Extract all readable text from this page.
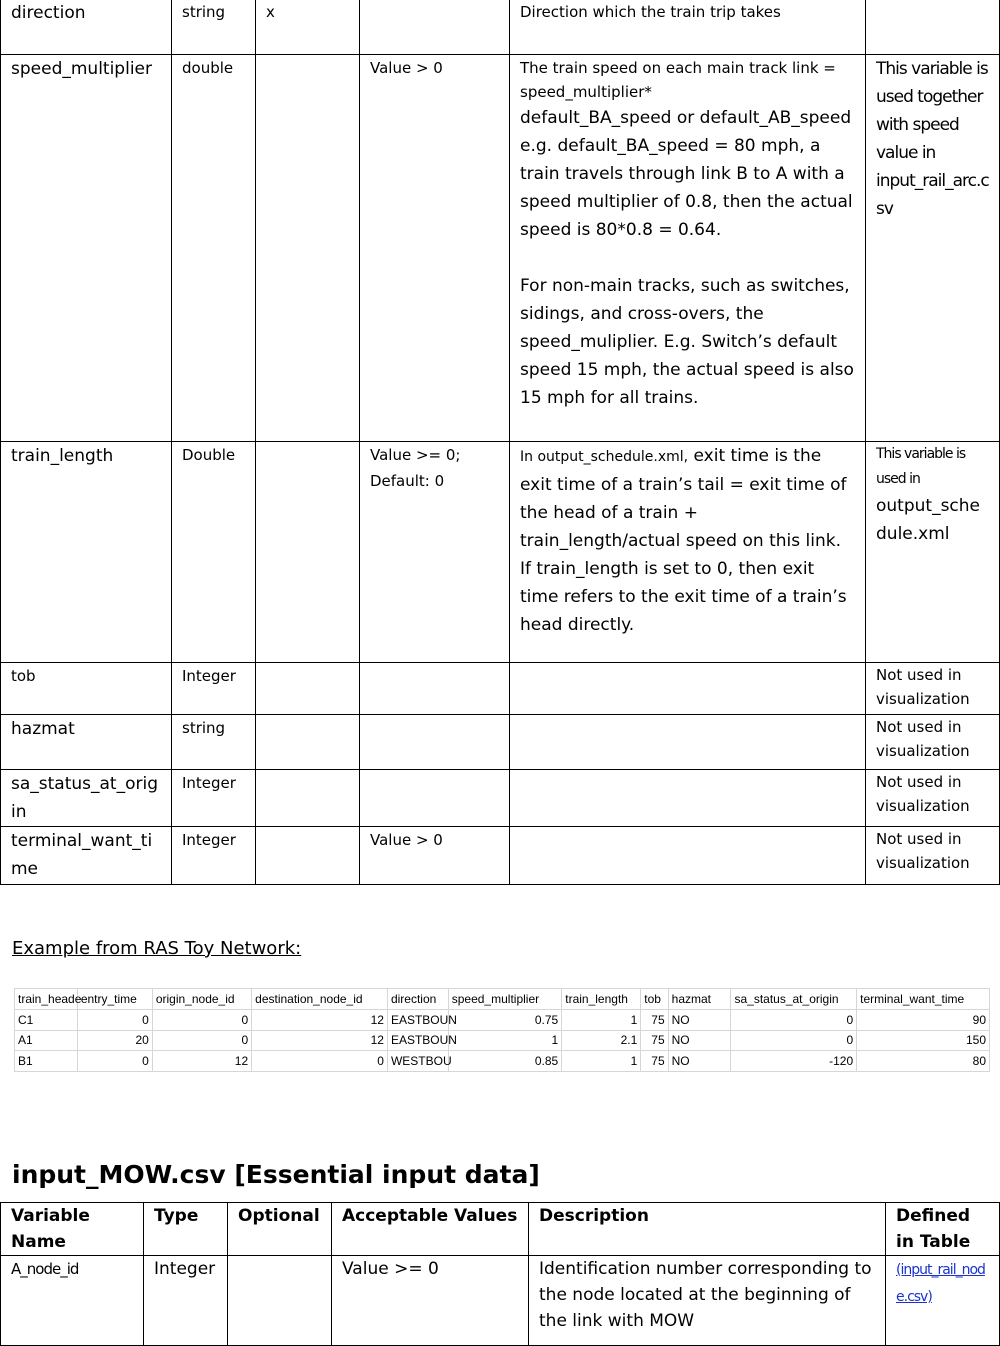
direction	string	x		Direction which the train trip takes	
speed_multiplier	double		Value > 0	The train speed on each main track link = speed_multiplier*
default_BA_speed or default_AB_speed
e.g. default_BA_speed = 80 mph, a train travels through link B to A with a speed multiplier of 0.8, then the actual speed is 80*0.8 = 0.64.

For non-main tracks, such as switches, sidings, and cross-overs, the speed_muliplier. E.g. Switch’s default speed 15 mph, the actual speed is also 15 mph for all trains.	This variable is used together with speed value in input_rail_arc.csv
train_length	Double		Value >= 0;
Default: 0	In output_schedule.xml, exit time is the exit time of a train’s tail = exit time of the head of a train + train_length/actual speed on this link. If train_length is set to 0, then exit time refers to the exit time of a train’s head directly.	This variable is used in
output_schedule.xml
tob	Integer				Not used in visualization
hazmat	string				Not used in visualization
sa_status_at_origin	Integer				Not used in visualization
terminal_want_time	Integer		Value > 0		Not used in visualization
Example from RAS Toy Network:
train_heade	entry_time	origin_node_id	destination_node_id	direction	speed_multiplier	train_length	tob	hazmat	sa_status_at_origin	terminal_want_time
C1	0	0	12	EASTBOUN	0.75	1	75	NO	0	90
A1	20	0	12	EASTBOUN	1	2.1	75	NO	0	150
B1	0	12	0	WESTBOU	0.85	1	75	NO	-120	80
input_MOW.csv [Essential input data]
Variable Name	Type	Optional	Acceptable Values	Description	Defined in Table
A_node_id	Integer		Value >= 0	Identification number corresponding to the node located at the beginning of the link with MOW	(input_rail_node.csv)
